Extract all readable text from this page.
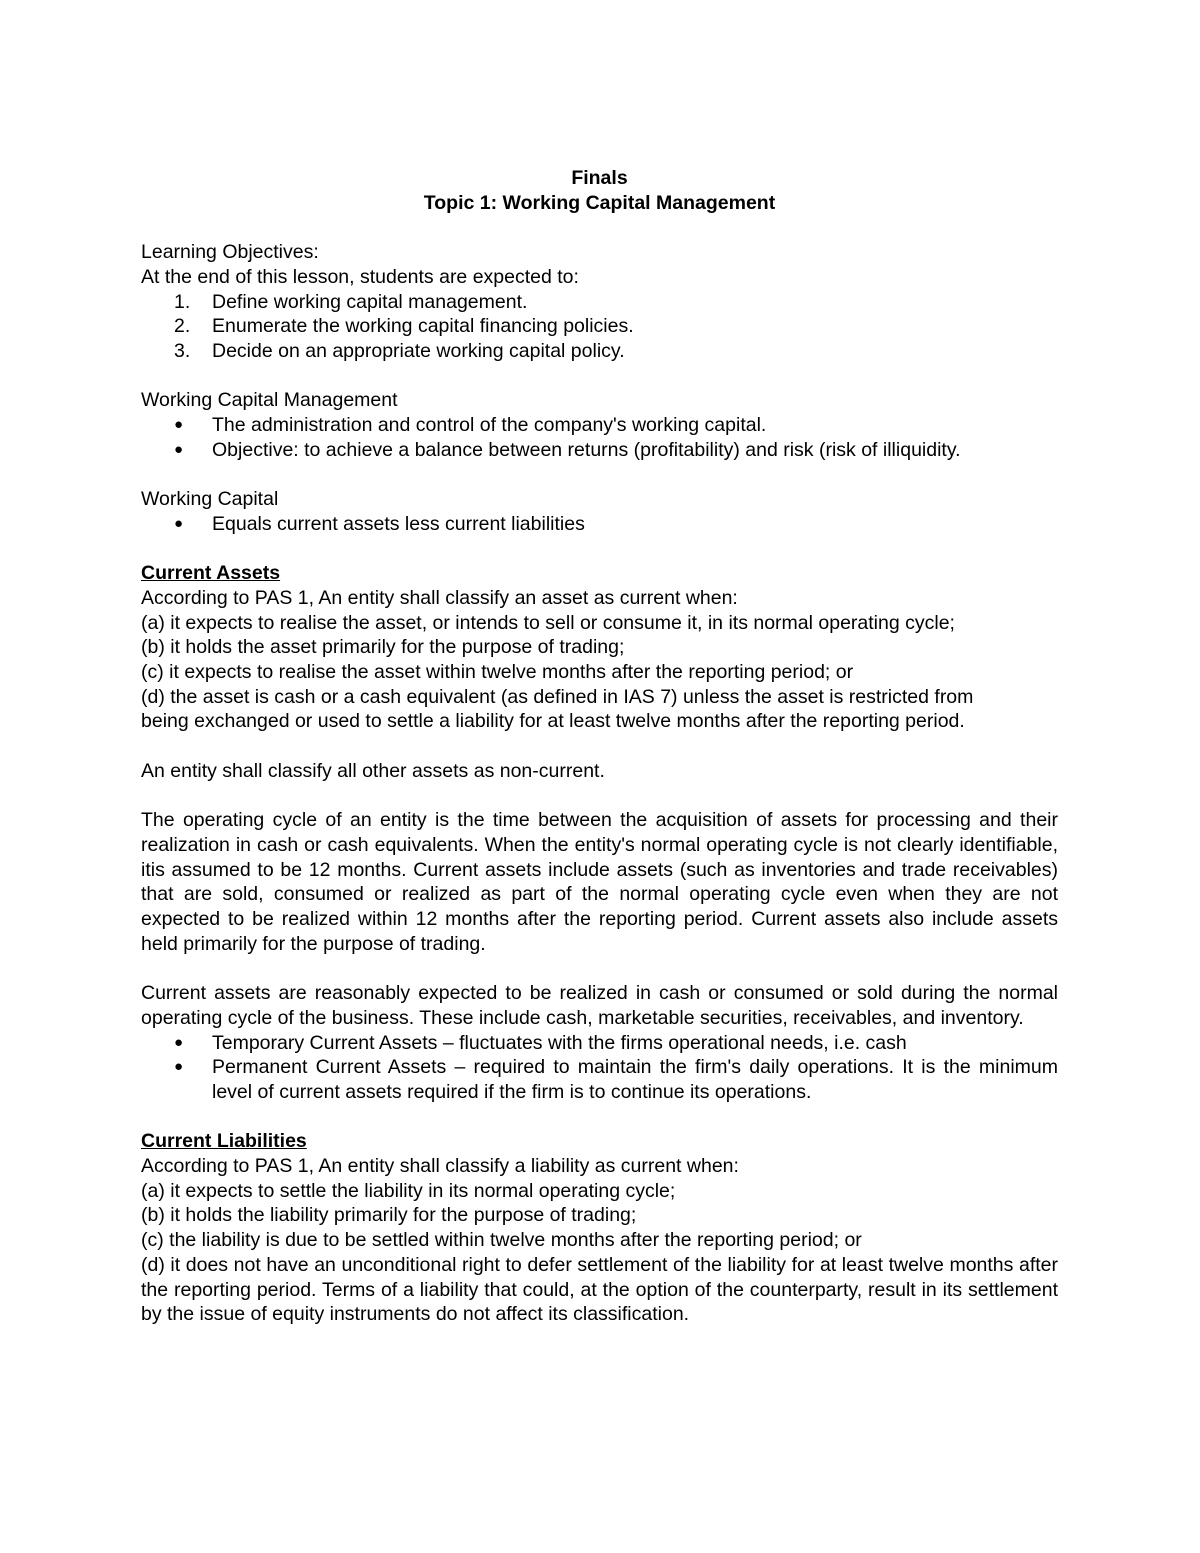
Finals

Topic 1: Working Capital Management

Learning Objectives:

At the end of this lesson, students are expected to:

1. Define working capital management.
2. Enumerate the working capital financing policies.
3. Decide on an appropriate working capital policy.

Working Capital Management

● The administration and control of the company's working capital.
● Objective: to achieve a balance between returns (profitability) and risk (risk of illiquidity.

Working Capital

● Equals current assets less current liabilities

Current Assets

According to PAS 1, An entity shall classify an asset as current when:

(a) it expects to realise the asset, or intends to sell or consume it, in its normal operating cycle;

(b) it holds the asset primarily for the purpose of trading;

(c) it expects to realise the asset within twelve months after the reporting period; or

(d) the asset is cash or a cash equivalent (as defined in IAS 7) unless the asset is restricted from

being exchanged or used to settle a liability for at least twelve months after the reporting period.

An entity shall classify all other assets as non-current.

The operating cycle of an entity is the time between the acquisition of assets for processing and their realization in cash or cash equivalents. When the entity's normal operating cycle is not clearly identifiable, itis assumed to be 12 months. Current assets include assets (such as inventories and trade receivables) that are sold, consumed or realized as part of the normal operating cycle even when they are not expected to be realized within 12 months after the reporting period. Current assets also include assets held primarily for the purpose of trading.

Current assets are reasonably expected to be realized in cash or consumed or sold during the normal operating cycle of the business. These include cash, marketable securities, receivables, and inventory.

● Temporary Current Assets – fluctuates with the firms operational needs, i.e. cash
● Permanent Current Assets – required to maintain the firm's daily operations. It is the minimum level of current assets required if the firm is to continue its operations.

Current Liabilities

According to PAS 1, An entity shall classify a liability as current when:

(a) it expects to settle the liability in its normal operating cycle;

(b) it holds the liability primarily for the purpose of trading;

(c) the liability is due to be settled within twelve months after the reporting period; or

(d) it does not have an unconditional right to defer settlement of the liability for at least twelve months after the reporting period. Terms of a liability that could, at the option of the counterparty, result in its settlement by the issue of equity instruments do not affect its classification.
